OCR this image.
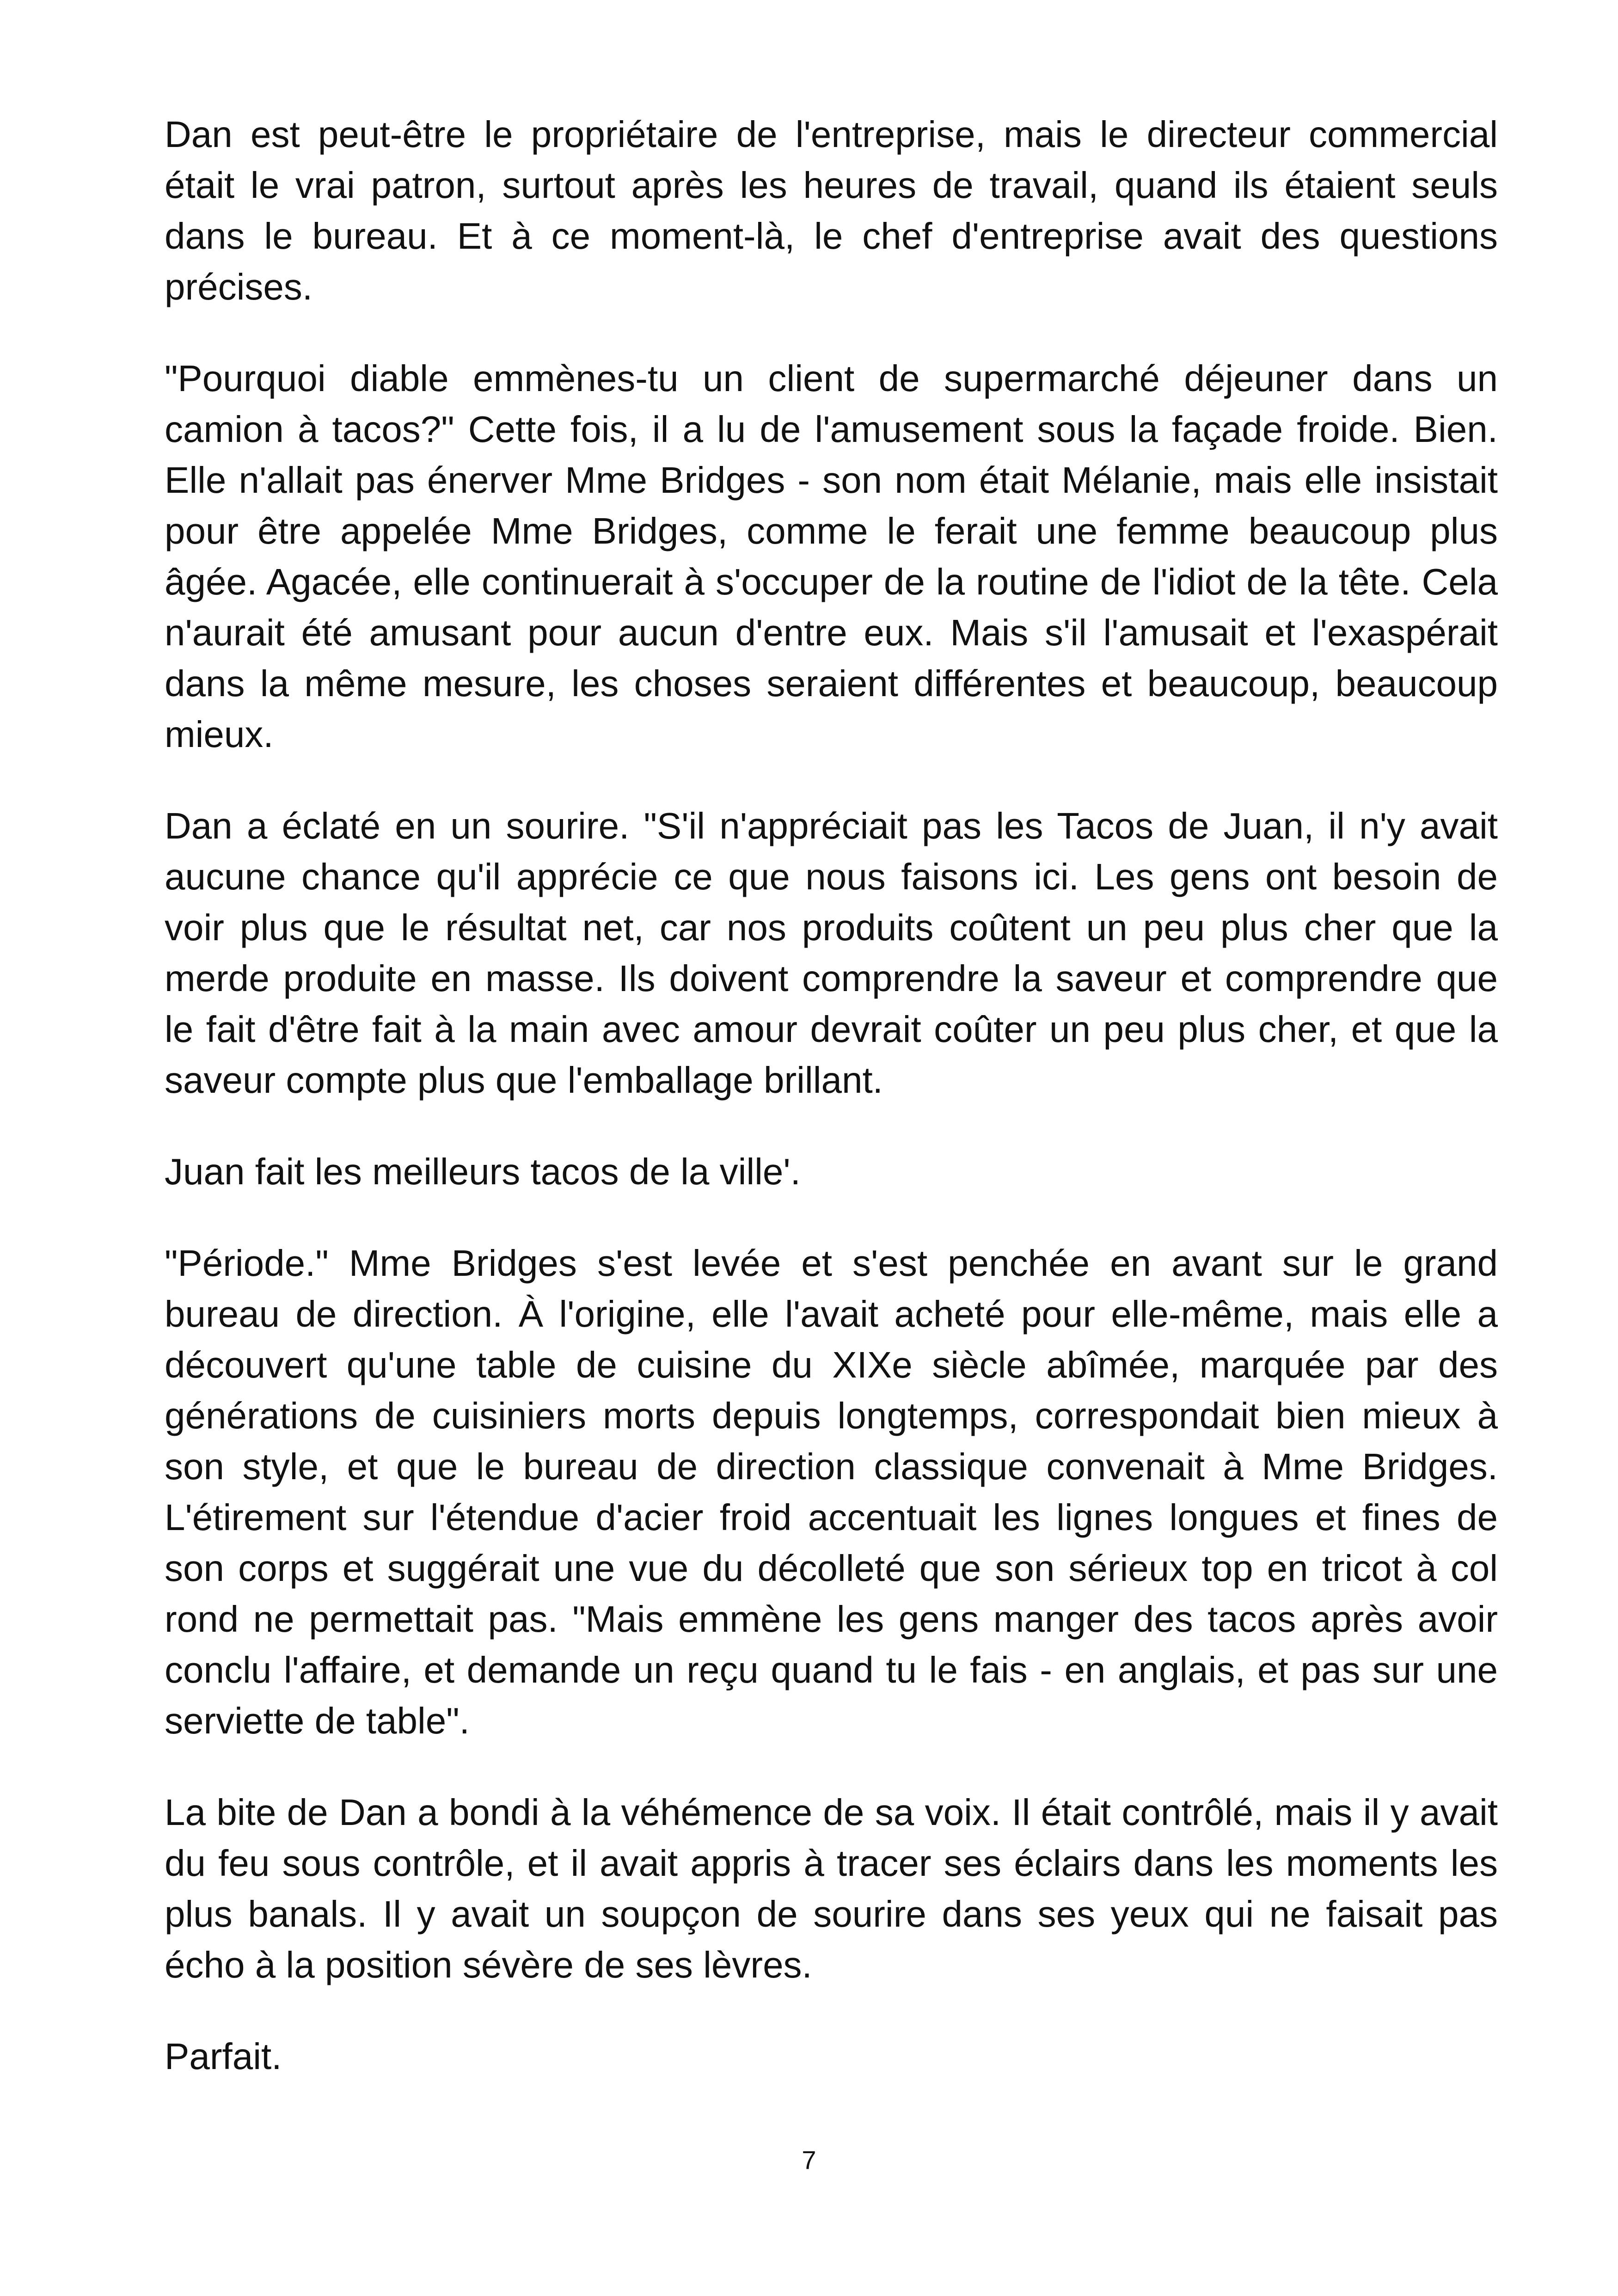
Dan est peut-être le propriétaire de l'entreprise, mais le directeur commercial était le vrai patron, surtout après les heures de travail, quand ils étaient seuls dans le bureau. Et à ce moment-là, le chef d'entreprise avait des questions précises.

"Pourquoi diable emmènes-tu un client de supermarché déjeuner dans un camion à tacos?" Cette fois, il a lu de l'amusement sous la façade froide. Bien. Elle n'allait pas énerver Mme Bridges - son nom était Mélanie, mais elle insistait pour être appelée Mme Bridges, comme le ferait une femme beaucoup plus âgée. Agacée, elle continuerait à s'occuper de la routine de l'idiot de la tête. Cela n'aurait été amusant pour aucun d'entre eux. Mais s'il l'amusait et l'exaspérait dans la même mesure, les choses seraient différentes et beaucoup, beaucoup mieux.

Dan a éclaté en un sourire. "S'il n'appréciait pas les Tacos de Juan, il n'y avait aucune chance qu'il apprécie ce que nous faisons ici. Les gens ont besoin de voir plus que le résultat net, car nos produits coûtent un peu plus cher que la merde produite en masse. Ils doivent comprendre la saveur et comprendre que le fait d'être fait à la main avec amour devrait coûter un peu plus cher, et que la saveur compte plus que l'emballage brillant.

Juan fait les meilleurs tacos de la ville'.

"Période." Mme Bridges s'est levée et s'est penchée en avant sur le grand bureau de direction. À l'origine, elle l'avait acheté pour elle-même, mais elle a découvert qu'une table de cuisine du XIXe siècle abîmée, marquée par des générations de cuisiniers morts depuis longtemps, correspondait bien mieux à son style, et que le bureau de direction classique convenait à Mme Bridges. L'étirement sur l'étendue d'acier froid accentuait les lignes longues et fines de son corps et suggérait une vue du décolleté que son sérieux top en tricot à col rond ne permettait pas. "Mais emmène les gens manger des tacos après avoir conclu l'affaire, et demande un reçu quand tu le fais - en anglais, et pas sur une serviette de table".

La bite de Dan a bondi à la véhémence de sa voix. Il était contrôlé, mais il y avait du feu sous contrôle, et il avait appris à tracer ses éclairs dans les moments les plus banals. Il y avait un soupçon de sourire dans ses yeux qui ne faisait pas écho à la position sévère de ses lèvres.

Parfait.

7
